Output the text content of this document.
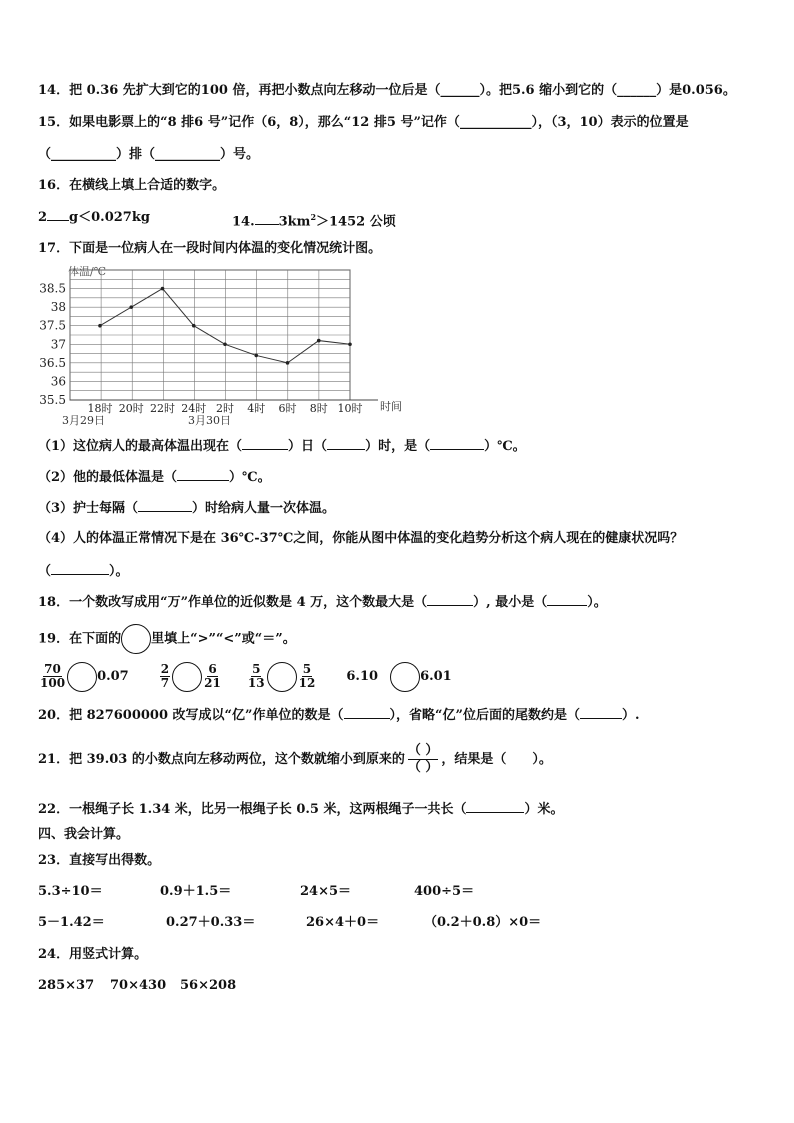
14．把 0.36 先扩大到它的100 倍，再把小数点向左移动一位后是（______）。把5.6 缩小到它的（______）是0.056。
15．如果电影票上的“8 排6 号”记作（6，8），那么“12 排5 号”记作（___________），（3，10）表示的位置是
（__________）排（__________）号。
16．在横线上填上合适的数字。
2 g＜0.027kg	14. $3km^2>1452$ 公顷
17．下面是一位病人在一段时间内体温的变化情况统计图。
35.5
36
36.5
37
37.5
38
38.5
18时 20时 22时 24时 2时 4时 6时 8时 10时
体温/℃
时间
3月29日	3月30日
（1）这位病人的最高体温出现在（	）日（	）时，是（	）℃。
（2）他的最低体温是（	）℃。
（3）护士每隔（	）时给病人量一次体温。
（4）人的体温正常情况下是在 36℃-37℃之间，你能从图中体温的变化趋势分析这个病人现在的健康状况吗？
（	）。
18．一个数改写成用“万”作单位的近似数是 4 万，这个数最大是（	）, 最小是（	）。
19．在下面的 里填上“>”“<”或“＝”。
$\frac{70}{100} 0.07$	$\frac{2}{7}$	$\frac{6}{21}$
$\frac{5}{13}$	$\frac{5}{12} 6.10$	6.01
20．把 827600000 改写成以“亿”作单位的数是（	），省略“亿”位后面的尾数约是（	）.
21．把 39.03 的小数点向左移动两位，这个数就缩小到原来的
（ ）
（ ）
，结果是（ ）。
22．一根绳子长 1.34 米，比另一根绳子长 0.5 米，这两根绳子一共长（	）米。
四、我会计算。
23．直接写出得数。
5.3÷10＝	0.9＋1.5＝	24×5＝	400÷5＝
5－1.42＝	0.27＋0.33＝	26×4＋0＝	（0.2＋0.8）×0＝
24．用竖式计算。
285×37 70×430 56×208
